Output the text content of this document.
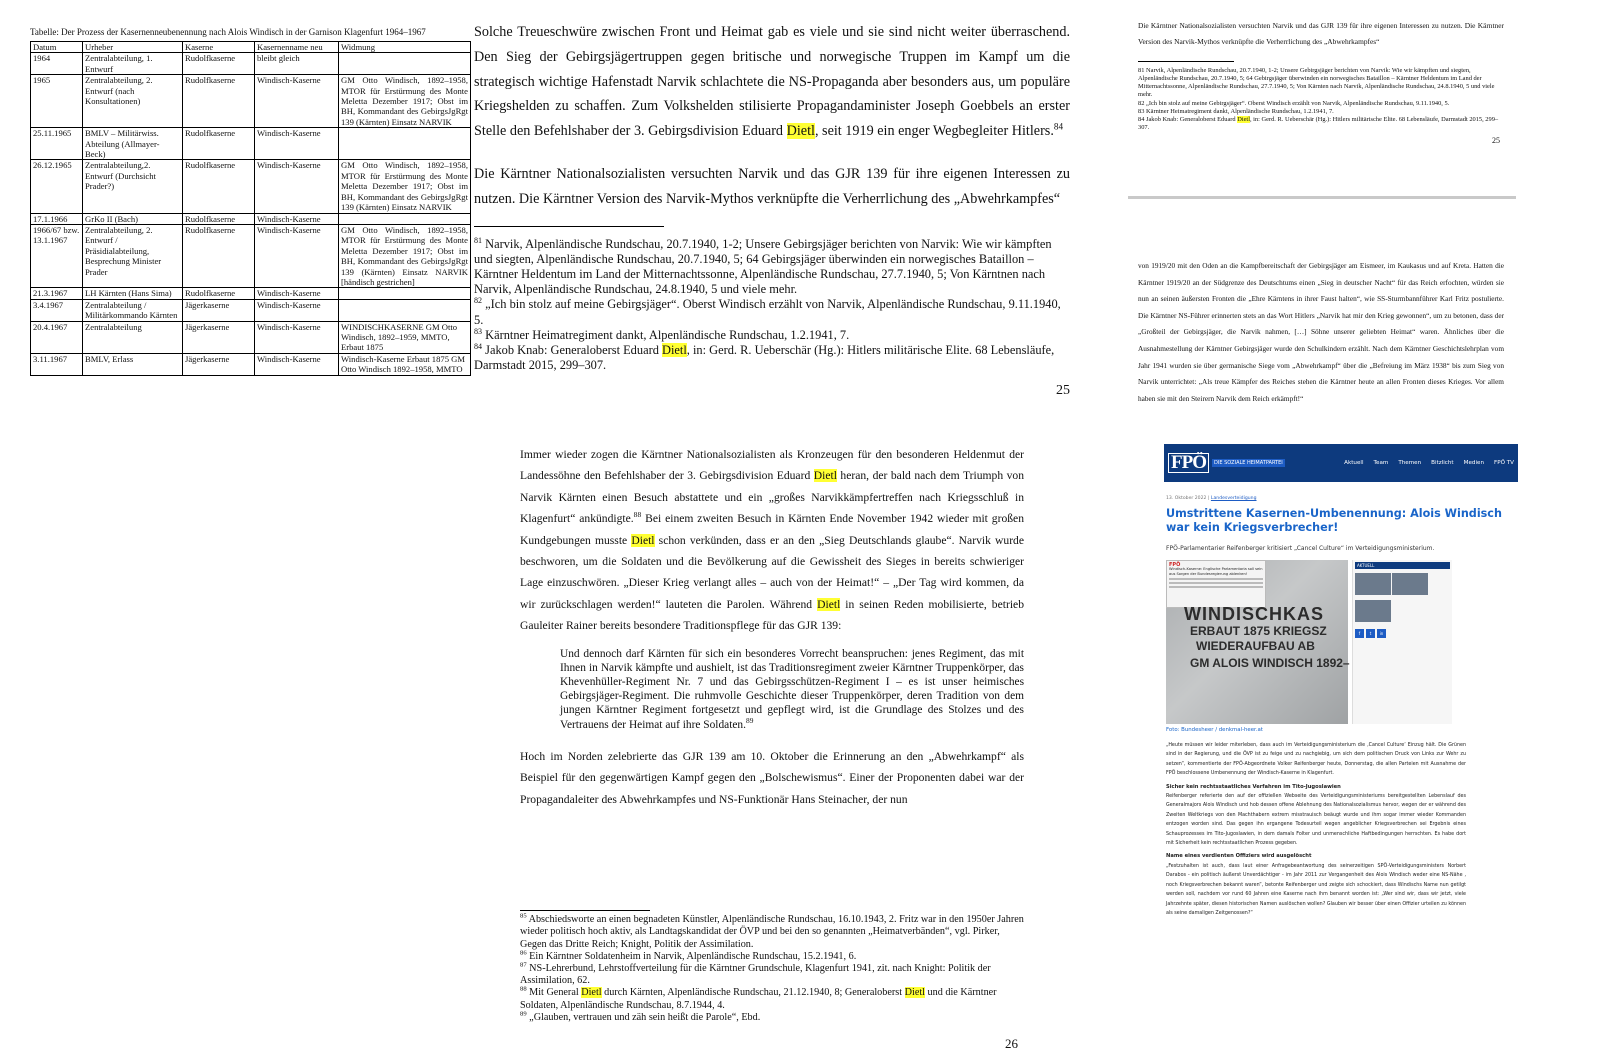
Tabelle: Der Prozess der Kasernenneubenennung nach Alois Windisch in der Garnison Klagenfurt 1964–1967
Datum	Urheber	Kaserne	Kasernenname neu	Widmung
1964	Zentralabteilung, 1. Entwurf	Rudolfkaserne	bleibt gleich	
1965	Zentralabteilung, 2. Entwurf (nach Konsultationen)	Rudolfkaserne	Windisch-Kaserne	GM Otto Windisch, 1892–1958, MTOR für Erstürmung des Monte Meletta Dezember 1917; Obst im BH, Kommandant des GebirgsJgRgt 139 (Kärnten) Einsatz NARVIK
25.11.1965	BMLV – Militärwiss. Abteilung (Allmayer-Beck)	Rudolfkaserne	Windisch-Kaserne	
26.12.1965	Zentralabteilung,2. Entwurf (Durchsicht Prader?)	Rudolfkaserne	Windisch-Kaserne	GM Otto Windisch, 1892–1958, MTOR für Erstürmung des Monte Meletta Dezember 1917; Obst im BH, Kommandant des GebirgsJgRgt 139 (Kärnten) Einsatz NARVIK
17.1.1966	GrKo II (Bach)	Rudolfkaserne	Windisch-Kaserne	
1966/67 bzw. 13.1.1967	Zentralabteilung, 2. Entwurf / Präsidialabteilung, Besprechung Minister Prader	Rudolfkaserne	Windisch-Kaserne	GM Otto Windisch, 1892–1958, MTOR für Erstürmung des Monte Meletta Dezember 1917; Obst im BH, Kommandant des GebirgsJgRgt 139 (Kärnten) Einsatz NARVIK [händisch gestrichen]
21.3.1967	LH Kärnten (Hans Sima)	Rudolfkaserne	Windisch-Kaserne	
3.4.1967	Zentralabteilung / Militärkommando Kärnten	Jägerkaserne	Windisch-Kaserne	
20.4.1967	Zentralabteilung	Jägerkaserne	Windisch-Kaserne	WINDISCHKASERNE GM Otto Windisch, 1892–1959, MMTO, Erbaut 1875
3.11.1967	BMLV, Erlass	Jägerkaserne	Windisch-Kaserne	Windisch-Kaserne Erbaut 1875 GM Otto Windisch 1892–1958, MMTO

Solche Treueschwüre zwischen Front und Heimat gab es viele und sie sind nicht weiter überraschend. Den Sieg der Gebirgsjägertruppen gegen britische und norwegische Truppen im Kampf um die strategisch wichtige Hafenstadt Narvik schlachtete die NS-Propaganda aber besonders aus, um populäre Kriegshelden zu schaffen. Zum Volkshelden stilisierte Propagandaminister Joseph Goebbels an erster Stelle den Befehlshaber der 3. Gebirgsdivision Eduard Dietl, seit 1919 ein enger Wegbegleiter Hitlers.$^{84}$

Die Kärntner Nationalsozialisten versuchten Narvik und das GJR 139 für ihre eigenen Interessen zu nutzen. Die Kärntner Version des Narvik-Mythos verknüpfte die Verherrlichung des „Abwehrkampfes“

$^{81}$ Narvik, Alpenländische Rundschau, 20.7.1940, 1-2; Unsere Gebirgsjäger berichten von Narvik: Wie wir kämpften und siegten, Alpenländische Rundschau, 20.7.1940, 5; 64 Gebirgsjäger überwinden ein norwegisches Bataillon – Kärntner Heldentum im Land der Mitternachtssonne, Alpenländische Rundschau, 27.7.1940, 5; Von Kärntnen nach Narvik, Alpenländische Rundschau, 24.8.1940, 5 und viele mehr.

$^{82}$ „Ich bin stolz auf meine Gebirgsjäger“. Oberst Windisch erzählt von Narvik, Alpenländische Rundschau, 9.11.1940, 5.

$^{83}$ Kärntner Heimatregiment dankt, Alpenländische Rundschau, 1.2.1941, 7.

$^{84}$ Jakob Knab: Generaloberst Eduard Dietl, in: Gerd. R. Ueberschär (Hg.): Hitlers militärische Elite. 68 Lebensläufe, Darmstadt 2015, 299–307.

25

Immer wieder zogen die Kärntner Nationalsozialisten als Kronzeugen für den besonderen Heldenmut der Landessöhne den Befehlshaber der 3. Gebirgsdivision Eduard Dietl heran, der bald nach dem Triumph von Narvik Kärnten einen Besuch abstattete und ein „großes Narvikkämpfertreffen nach Kriegsschluß in Klagenfurt“ ankündigte.$^{88}$ Bei einem zweiten Besuch in Kärnten Ende November 1942 wieder mit großen Kundgebungen musste Dietl schon verkünden, dass er an den „Sieg Deutschlands glaube“. Narvik wurde beschworen, um die Soldaten und die Bevölkerung auf die Gewissheit des Sieges in bereits schwieriger Lage einzuschwören. „Dieser Krieg verlangt alles – auch von der Heimat!“ – „Der Tag wird kommen, da wir zurückschlagen werden!“ lauteten die Parolen. Während Dietl in seinen Reden mobilisierte, betrieb Gauleiter Rainer bereits besondere Traditionspflege für das GJR 139:

Und dennoch darf Kärnten für sich ein besonderes Vorrecht beanspruchen: jenes Regiment, das mit Ihnen in Narvik kämpfte und aushielt, ist das Traditionsregiment zweier Kärntner Truppenkörper, das Khevenhüller-Regiment Nr. 7 und das Gebirgsschützen-Regiment I – es ist unser heimisches Gebirgsjäger-Regiment. Die ruhmvolle Geschichte dieser Truppenkörper, deren Tradition von dem jungen Kärntner Regiment fortgesetzt und gepflegt wird, ist die Grundlage des Stolzes und des Vertrauens der Heimat auf ihre Soldaten.$^{89}$

Hoch im Norden zelebrierte das GJR 139 am 10. Oktober die Erinnerung an den „Abwehrkampf“ als Beispiel für den gegenwärtigen Kampf gegen den „Bolschewismus“. Einer der Proponenten dabei war der Propagandaleiter des Abwehrkampfes und NS-Funktionär Hans Steinacher, der nun

$^{85}$ Abschiedsworte an einen begnadeten Künstler, Alpenländische Rundschau, 16.10.1943, 2. Fritz war in den 1950er Jahren wieder politisch hoch aktiv, als Landtagskandidat der ÖVP und bei den so genannten „Heimatverbänden“, vgl. Pirker, Gegen das Dritte Reich; Knight, Politik der Assimilation.

$^{86}$ Ein Kärntner Soldatenheim in Narvik, Alpenländische Rundschau, 15.2.1941, 6.

$^{87}$ NS-Lehrerbund, Lehrstoffverteilung für die Kärntner Grundschule, Klagenfurt 1941, zit. nach Knight: Politik der Assimilation, 62.

$^{88}$ Mit General Dietl durch Kärnten, Alpenländische Rundschau, 21.12.1940, 8; Generaloberst Dietl und die Kärntner Soldaten, Alpenländische Rundschau, 8.7.1944, 4.

$^{89}$ „Glauben, vertrauen und zäh sein heißt die Parole“, Ebd.

26

Die Kärntner Nationalsozialisten versuchten Narvik und das GJR 139 für ihre eigenen Interessen zu nutzen. Die Kärntner Version des Narvik-Mythos verknüpfte die Verherrlichung des „Abwehrkampfes“

81 Narvik, Alpenländische Rundschau, 20.7.1940, 1-2; Unsere Gebirgsjäger berichten von Narvik: Wie wir kämpften und siegten, Alpenländische Rundschau, 20.7.1940, 5; 64 Gebirgsjäger überwinden ein norwegisches Bataillon – Kärntner Heldentum im Land der Mitternachtssonne, Alpenländische Rundschau, 27.7.1940, 5; Von Kärnten nach Narvik, Alpenländische Rundschau, 24.8.1940, 5 und viele mehr.

82 „Ich bin stolz auf meine Gebirgsjäger“. Oberst Windisch erzählt von Narvik, Alpenländische Rundschau, 9.11.1940, 5.

83 Kärntner Heimatregiment dankt, Alpenländische Rundschau, 1.2.1941, 7.

84 Jakob Knab: Generaloberst Eduard Dietl, in: Gerd. R. Ueberschär (Hg.): Hitlers militärische Elite. 68 Lebensläufe, Darmstadt 2015, 299–307.

25

von 1919/20 mit den Oden an die Kampfbereitschaft der Gebirgsjäger am Eismeer, im Kaukasus und auf Kreta. Hatten die Kärntner 1919/20 an der Südgrenze des Deutschtums einen „Sieg in deutscher Nacht“ für das Reich erfochten, würden sie nun an seinen äußersten Fronten die „Ehre Kärntens in ihrer Faust halten“, wie SS-Sturmbannführer Karl Fritz postulierte. Die Kärntner NS-Führer erinnerten stets an das Wort Hitlers „Narvik hat mir den Krieg gewonnen“, um zu betonen, dass der „Großteil der Gebirgsjäger, die Narvik nahmen, […] Söhne unserer geliebten Heimat“ waren. Ähnliches über die Ausnahmestellung der Kärntner Gebirgsjäger wurde den Schulkindern erzählt. Nach dem Kärntner Geschichtslehrplan vom Jahr 1941 wurden sie über germanische Siege vom „Abwehrkampf“ über die „Befreiung im März 1938“ bis zum Sieg von Narvik unterrichtet: „Als treue Kämpfer des Reiches stehen die Kärntner heute an allen Fronten dieses Krieges. Vor allem haben sie mit den Steirern Narvik dem Reich erkämpft!“

FPÖ	DIE SOZIALE HEIMATPARTEI	Aktuell Team Themen Bitzlicht Medien FPÖ TV
13. Oktober 2022 | Landesverteidigung
Umstrittene Kasernen-Umbenennung: Alois Windisch war kein Kriegsverbrecher!
FPÖ-Parlamentarier Reifenberger kritisiert „Cancel Culture“ im Verteidigungsministerium.
FPÖ
Windisch-Kaserne: Englische Parlamentaria soll sein aus Sorgen der Bundesregierung ablenken!
WINDISCHKAS
ERBAUT 1875 KRIEGSZ
WIEDERAUFBAU AB
GM ALOIS WINDISCH 1892–
AKTUELL

f	t	in
Foto: Bundesheer / denkmal-heer.at

„Heute müssen wir leider miterleben, dass auch im Verteidigungsministerium die ‚Cancel Culture‘ Einzug hält. Die Grünen sind in der Regierung, und die ÖVP ist zu feige und zu nachgiebig, um sich dem politischen Druck von Links zur Wehr zu setzen“, kommentierte der FPÖ-Abgeordnete Volker Reifenberger heute, Donnerstag, die allen Parteien mit Ausnahme der FPÖ beschlossene Umbenennung der Windisch-Kaserne in Klagenfurt.

Sicher kein rechtsstaatliches Verfahren im Tito-Jugoslawien

Reifenberger referierte den auf der offiziellen Webseite des Verteidigungsministeriums bereitgestellten Lebenslauf des Generalmajors Alois Windisch und hob dessen offene Ablehnung des Nationalsozialismus hervor, wegen der er während des Zweiten Weltkriegs von den Machthabern extrem misstrauisch beäugt wurde und ihm sogar immer wieder Kommanden entzogen worden sind. Das gegen ihn ergangene Todesurteil wegen angeblicher Kriegsverbrechen sei Ergebnis eines Schauprozesses im Tito-Jugoslawien, in dem damals Folter und unmenschliche Haftbedingungen herrschten. Es habe dort mit Sicherheit kein rechtsstaatlichen Prozess gegeben.

Name eines verdienten Offiziers wird ausgelöscht

„Festzuhalten ist auch, dass laut einer Anfragebeantwortung des seinerzeitigen SPÖ-Verteidigungsministers Norbert Darabos - ein politisch äußerst Unverdächtiger - im Jahr 2011 zur Vergangenheit des Alois Windisch weder eine NS-Nähe , noch Kriegsverbrechen bekannt waren“, betonte Reifenberger und zeigte sich schockiert, dass Windischs Name nun getilgt werden soll, nachdem vor rund 60 Jahren eine Kaserne nach ihm benannt worden ist: „Wer sind wir, dass wir jetzt, viele Jahrzehnte später, diesen historischen Namen auslöschen wollen? Glauben wir besser über einen Offizier urteilen zu können als seine damaligen Zeitgenossen?“
